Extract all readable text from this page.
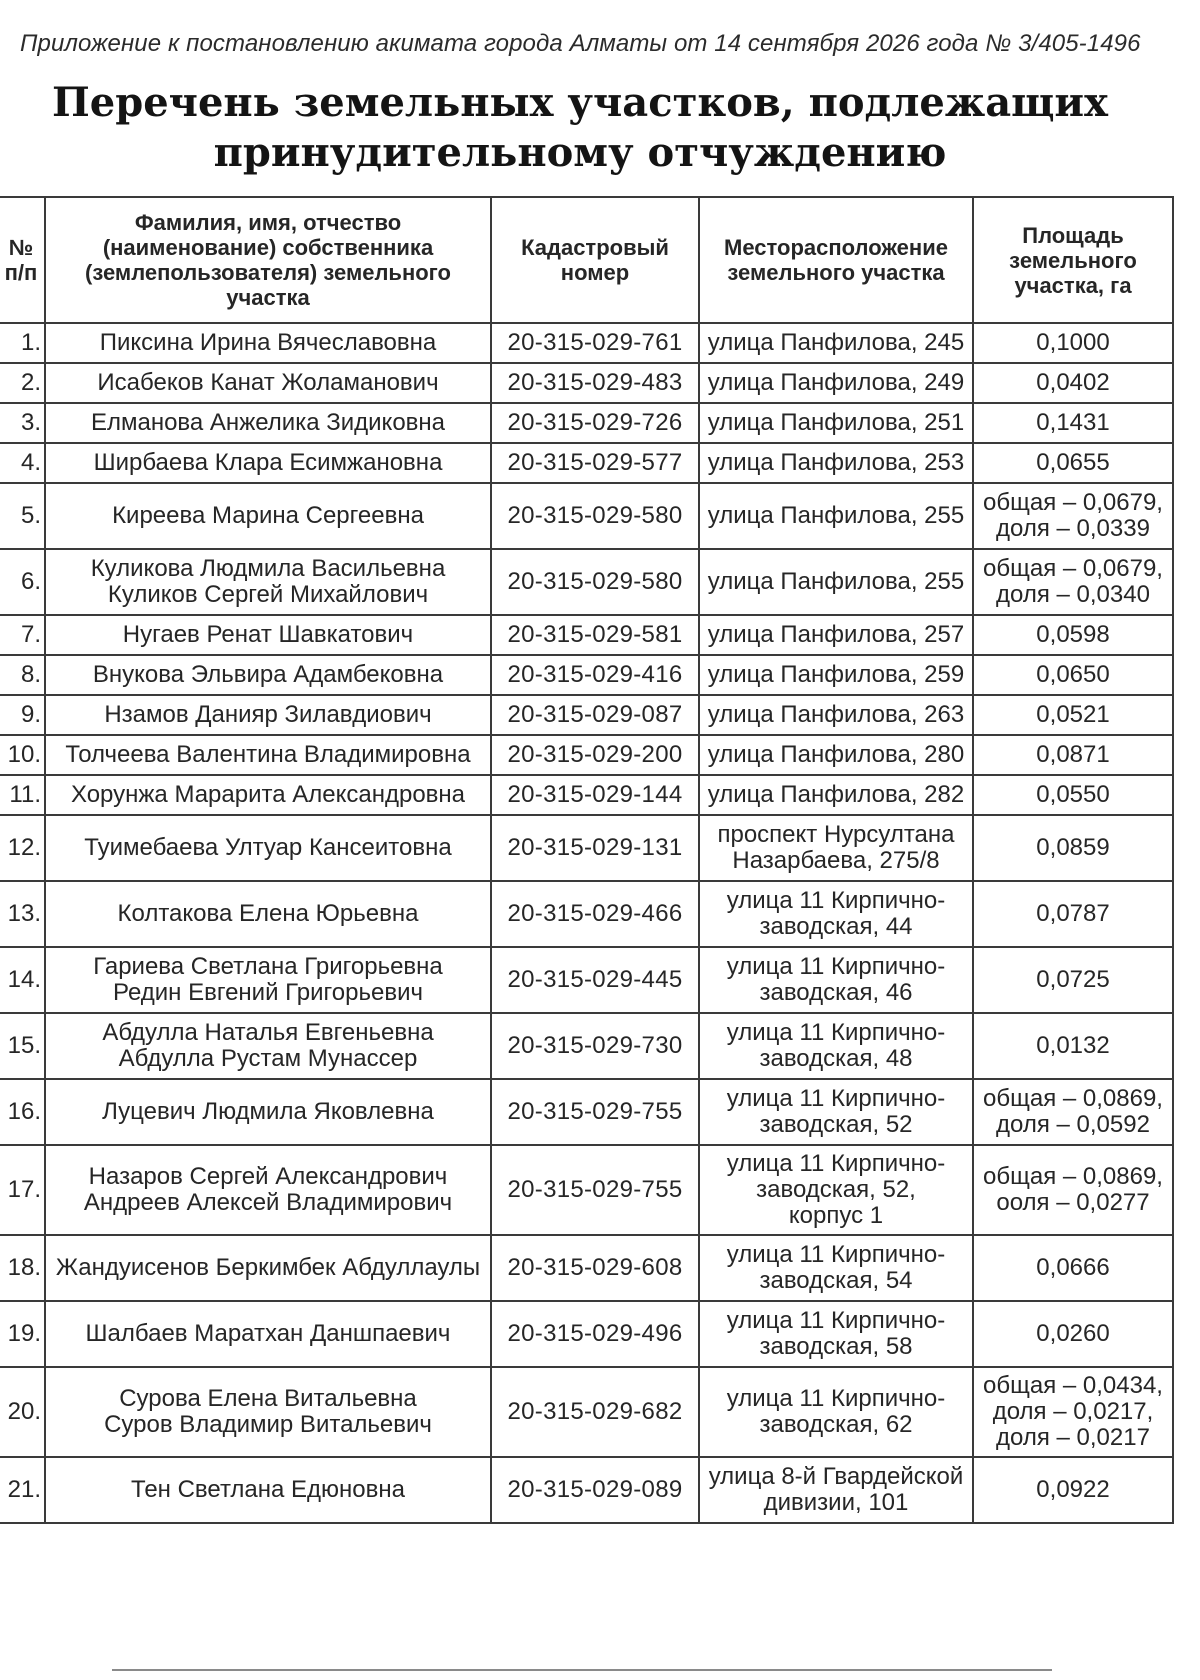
Приложение к постановлению акимата города Алматы от 14 сентября 2026 года № 3/405-1496
Перечень земельных участков, подлежащих
принудительному отчуждению
№
п/п	Фамилия, имя, отчество
(наименование) собственника
(землепользователя) земельного
участка	Кадастровый
номер	Месторасположение
земельного участка	Площадь
земельного
участка, га
1.	Пиксина Ирина Вячеславовна	20-315-029-761	улица Панфилова, 245	0,1000
2.	Исабеков Канат Жоламанович	20-315-029-483	улица Панфилова, 249	0,0402
3.	Елманова Анжелика Зидиковна	20-315-029-726	улица Панфилова, 251	0,1431
4.	Ширбаева Клара Есимжановна	20-315-029-577	улица Панфилова, 253	0,0655
5.	Киреева Марина Сергеевна	20-315-029-580	улица Панфилова, 255	общая – 0,0679,
доля – 0,0339
6.	Куликова Людмила Васильевна
Куликов Сергей Михайлович	20-315-029-580	улица Панфилова, 255	общая – 0,0679,
доля – 0,0340
7.	Нугаев Ренат Шавкатович	20-315-029-581	улица Панфилова, 257	0,0598
8.	Внукова Эльвира Адамбековна	20-315-029-416	улица Панфилова, 259	0,0650
9.	Нзамов Данияр Зилавдиович	20-315-029-087	улица Панфилова, 263	0,0521
10.	Толчеева Валентина Владимировна	20-315-029-200	улица Панфилова, 280	0,0871
11.	Хорунжа Марарита Александровна	20-315-029-144	улица Панфилова, 282	0,0550
12.	Туимебаева Ултуар Кансеитовна	20-315-029-131	проспект Нурсултана
Назарбаева, 275/8	0,0859
13.	Колтакова Елена Юрьевна	20-315-029-466	улица 11 Кирпично-
заводская, 44	0,0787
14.	Гариева Светлана Григорьевна
Редин Евгений Григорьевич	20-315-029-445	улица 11 Кирпично-
заводская, 46	0,0725
15.	Абдулла Наталья Евгеньевна
Абдулла Рустам Мунассер	20-315-029-730	улица 11 Кирпично-
заводская, 48	0,0132
16.	Луцевич Людмила Яковлевна	20-315-029-755	улица 11 Кирпично-
заводская, 52	общая – 0,0869,
доля – 0,0592
17.	Назаров Сергей Александрович
Андреев Алексей Владимирович	20-315-029-755	улица 11 Кирпично-
заводская, 52,
корпус 1	общая – 0,0869,
ооля – 0,0277
18.	Жандуисенов Беркимбек Абдуллаулы	20-315-029-608	улица 11 Кирпично-
заводская, 54	0,0666
19.	Шалбаев Маратхан Даншпаевич	20-315-029-496	улица 11 Кирпично-
заводская, 58	0,0260
20.	Сурова Елена Витальевна
Суров Владимир Витальевич	20-315-029-682	улица 11 Кирпично-
заводская, 62	общая – 0,0434,
доля – 0,0217,
доля – 0,0217
21.	Тен Светлана Едюновна	20-315-029-089	улица 8-й Гвардейской
дивизии, 101	0,0922
